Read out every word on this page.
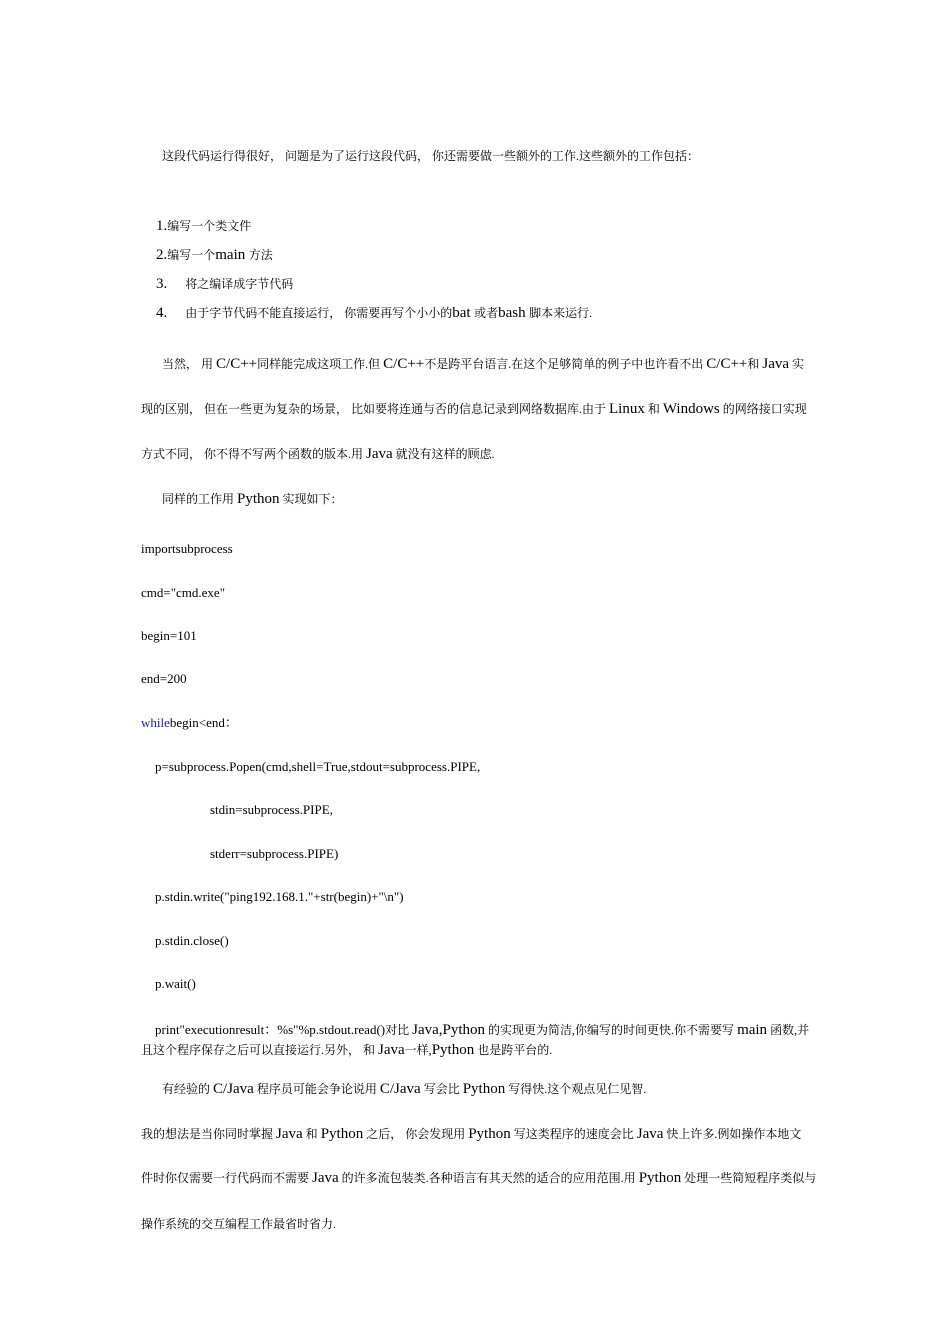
这段代码运行得很好， 问题是为了运行这段代码， 你还需要做一些额外的工作.这些额外的工作包括：
1.编写一个类文件
2.编写一个main 方法
3. 将之编译成字节代码
4. 由于字节代码不能直接运行， 你需要再写个小小的bat 或者bash 脚本来运行.
当然， 用 C/C++同样能完成这项工作.但 C/C++不是跨平台语言.在这个足够简单的例子中也许看不出 C/C++和 Java 实
现的区别， 但在一些更为复杂的场景， 比如要将连通与否的信息记录到网络数据库.由于 Linux 和 Windows 的网络接口实现
方式不同， 你不得不写两个函数的版本.用 Java 就没有这样的顾虑.
同样的工作用 Python 实现如下：
importsubprocess
cmd="cmd.exe"
begin=101
end=200
whilebegin<end：
p=subprocess.Popen(cmd,shell=True,stdout=subprocess.PIPE,
stdin=subprocess.PIPE,
stderr=subprocess.PIPE)
p.stdin.write("ping192.168.1."+str(begin)+"\n")
p.stdin.close()
p.wait()
print"executionresult：%s"%p.stdout.read()对比 Java,Python 的实现更为简洁,你编写的时间更快.你不需要写 main 函数,并
且这个程序保存之后可以直接运行.另外， 和 Java一样,Python 也是跨平台的.
有经验的 C/Java 程序员可能会争论说用 C/Java 写会比 Python 写得快.这个观点见仁见智.
我的想法是当你同时掌握 Java 和 Python 之后， 你会发现用 Python 写这类程序的速度会比 Java 快上许多.例如操作本地文
件时你仅需要一行代码而不需要 Java 的许多流包装类.各种语言有其天然的适合的应用范围.用 Python 处理一些简短程序类似与
操作系统的交互编程工作最省时省力.
